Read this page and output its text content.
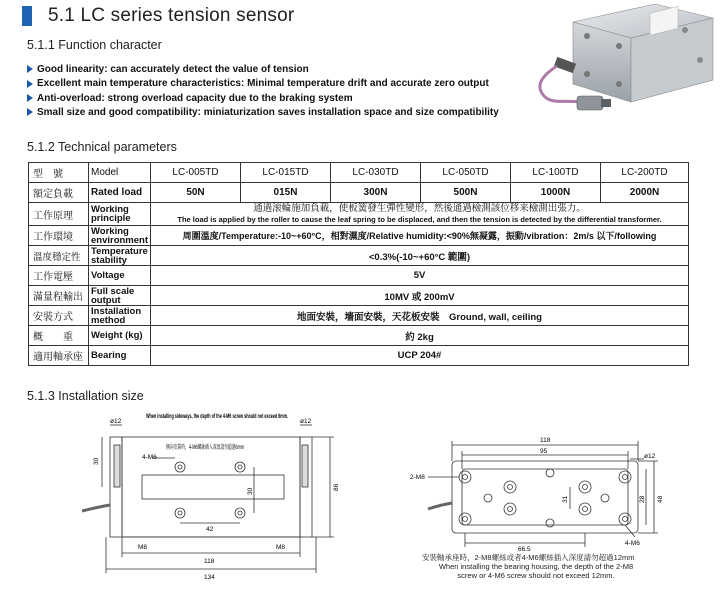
5.1 LC series tension sensor
5.1.1 Function character
Good linearity: can accurately detect the value of tension
Excellent main temperature characteristics: Minimal temperature drift and accurate zero output
Anti-overload: strong overload capacity due to the braking system
Small size and good compatibility: miniaturization saves installation space and size compatibility
5.1.2 Technical parameters
型　號	Model	LC-005TD	LC-015TD	LC-030TD	LC-050TD	LC-100TD	LC-200TD
額定負載	Rated load	50N	015N	300N	500N	1000N	2000N
工作原理	Working principle	通過滚輪施加負載，使板簧發生彈性變形，然後通過檢測該位移来檢測出張力。
The load is applied by the roller to cause the leaf spring to be displaced, and then the tension is detected by the differential transformer.					

工作環境	Working environment	周圍溫度/Temperature:-10~+60°C，相對濕度/Relative humidity:<90%無凝露，振動/vibration：2m/s 以下/following					
溫度穩定性	Temperature stability	<0.3%(-10~+60°C 範圍)					
工作電壓	Voltage	5V					
滿量程輸出	Full scale output	10MV 或 200mV					
安裝方式	Installation method	地面安裝，墻面安裝，天花板安裝　Ground, wall, ceiling					
概　　重	Weight (kg)	約 2kg					
適用軸承座	Bearing	UCP 204#					
5.1.3 Installation size
ø12	ø12
When installing sideways, the depth of the 4-M6 screw should not exceed 6mm.
側向安裝時，4-M6螺絲插入深度請勿超過6mm
4-M6
30
30
86
42
M8	M8
118
134
118
95
ø12
2-M8
31	28 48
4-M6
66.5
安裝軸承座時，2-M8螺絲或者4-M6螺絲插入深度請勿超過12mm
When installing the bearing housing, the depth of the 2-M8 screw or 4-M6 screw should not exceed 12mm.
